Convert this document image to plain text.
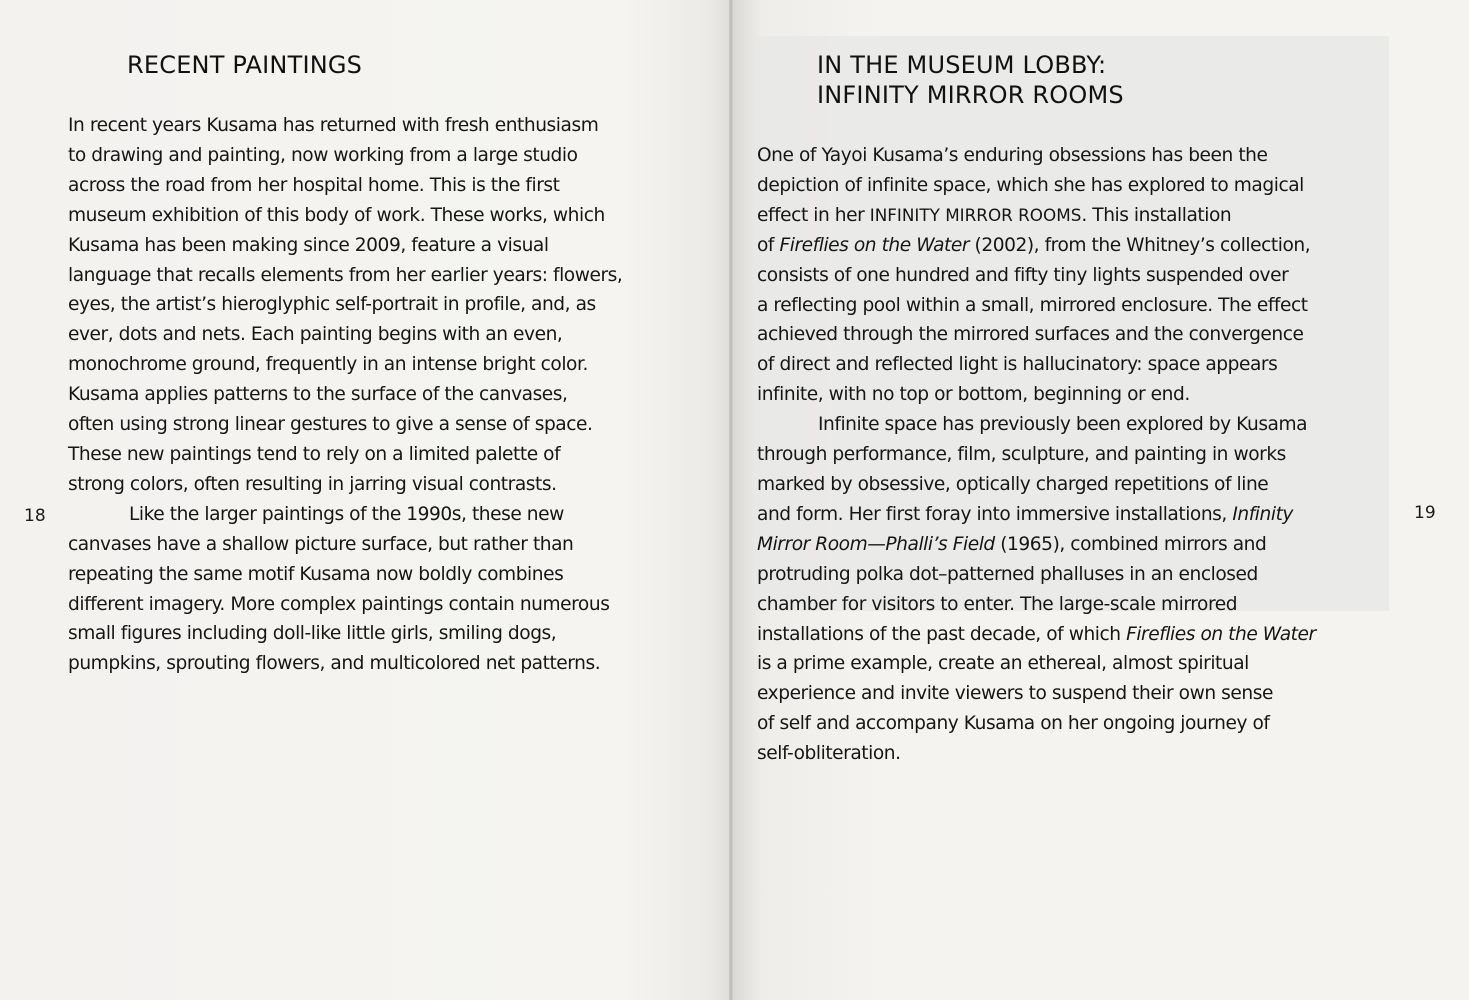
RECENT PAINTINGS
In recent years Kusama has returned with fresh enthusiasm
to drawing and painting, now working from a large studio
across the road from her hospital home. This is the first
museum exhibition of this body of work. These works, which
Kusama has been making since 2009, feature a visual
language that recalls elements from her earlier years: flowers,
eyes, the artist’s hieroglyphic self-portrait in profile, and, as
ever, dots and nets. Each painting begins with an even,
monochrome ground, frequently in an intense bright color.
Kusama applies patterns to the surface of the canvases,
often using strong linear gestures to give a sense of space.
These new paintings tend to rely on a limited palette of
strong colors, often resulting in jarring visual contrasts.
Like the larger paintings of the 1990s, these new
canvases have a shallow picture surface, but rather than
repeating the same motif Kusama now boldly combines
different imagery. More complex paintings contain numerous
small figures including doll-like little girls, smiling dogs,
pumpkins, sprouting flowers, and multicolored net patterns.
18
IN THE MUSEUM LOBBY:
INFINITY MIRROR ROOMS
One of Yayoi Kusama’s enduring obsessions has been the
depiction of infinite space, which she has explored to magical
effect in her INFINITY MIRROR ROOMS. This installation
of Fireflies on the Water (2002), from the Whitney’s collection,
consists of one hundred and fifty tiny lights suspended over
a reflecting pool within a small, mirrored enclosure. The effect
achieved through the mirrored surfaces and the convergence
of direct and reflected light is hallucinatory: space appears
infinite, with no top or bottom, beginning or end.
Infinite space has previously been explored by Kusama
through performance, film, sculpture, and painting in works
marked by obsessive, optically charged repetitions of line
and form. Her first foray into immersive installations, Infinity
Mirror Room—Phalli’s Field (1965), combined mirrors and
protruding polka dot–patterned phalluses in an enclosed
chamber for visitors to enter. The large-scale mirrored
installations of the past decade, of which Fireflies on the Water
is a prime example, create an ethereal, almost spiritual
experience and invite viewers to suspend their own sense
of self and accompany Kusama on her ongoing journey of
self-obliteration.
19
